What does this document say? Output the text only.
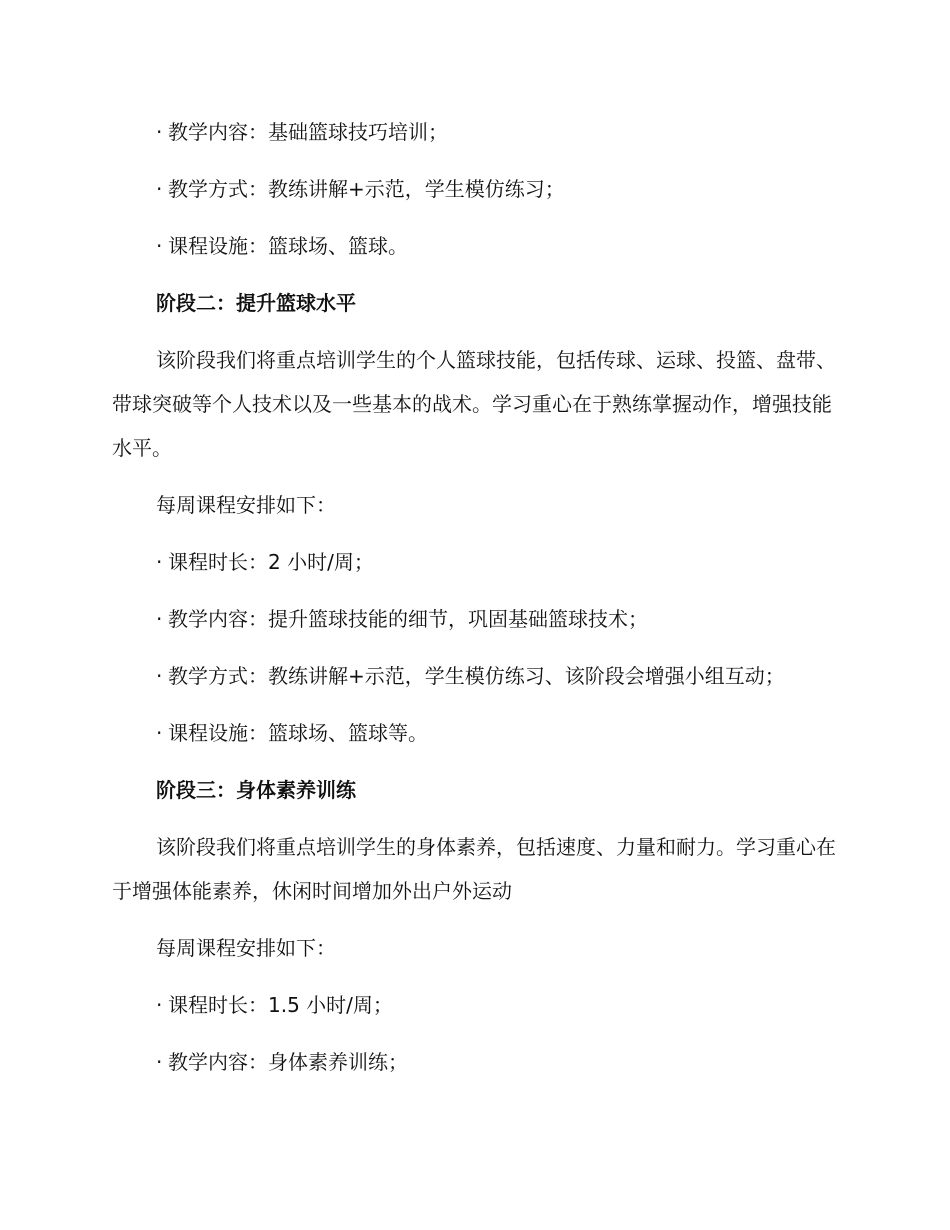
· 教学内容：基础篮球技巧培训；
· 教学方式：教练讲解+示范，学生模仿练习；
· 课程设施：篮球场、篮球。
阶段二：提升篮球水平
该阶段我们将重点培训学生的个人篮球技能，包括传球、运球、投篮、盘带、带球突破等个人技术以及一些基本的战术。学习重心在于熟练掌握动作，增强技能水平。
每周课程安排如下：
· 课程时长：2 小时/周；
· 教学内容：提升篮球技能的细节，巩固基础篮球技术；
· 教学方式：教练讲解+示范，学生模仿练习、该阶段会增强小组互动；
· 课程设施：篮球场、篮球等。
阶段三：身体素养训练
该阶段我们将重点培训学生的身体素养，包括速度、力量和耐力。学习重心在于增强体能素养，休闲时间增加外出户外运动
每周课程安排如下：
· 课程时长：1.5 小时/周；
· 教学内容：身体素养训练；
